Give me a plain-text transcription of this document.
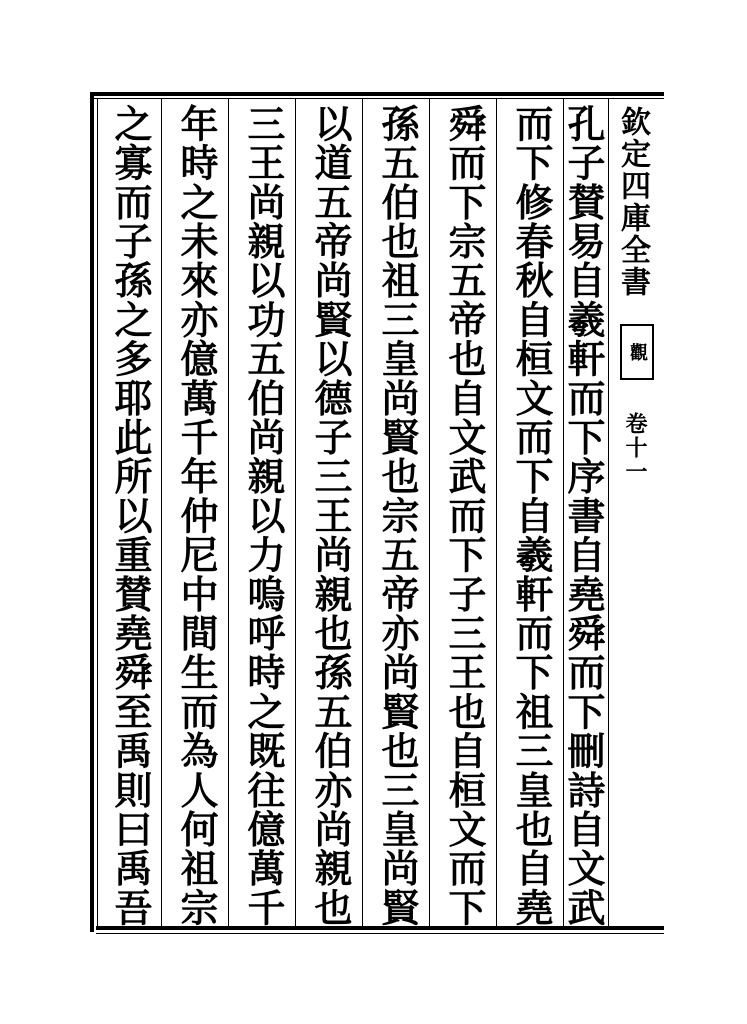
欽定四庫全書
觀
卷十一
孔子賛易自羲軒而下序書自堯舜而下刪詩自文武
而下修春秋自桓文而下自羲軒而下祖三皇也自堯
舜而下宗五帝也自文武而下子三王也自桓文而下
孫五伯也祖三皇尚賢也宗五帝亦尚賢也三皇尚賢
以道五帝尚賢以德子三王尚親也孫五伯亦尚親也
三王尚親以功五伯尚親以力嗚呼時之既往億萬千
年時之未來亦億萬千年仲尼中間生而為人何祖宗
之寡而子孫之多耶此所以重賛堯舜至禹則曰禹吾
